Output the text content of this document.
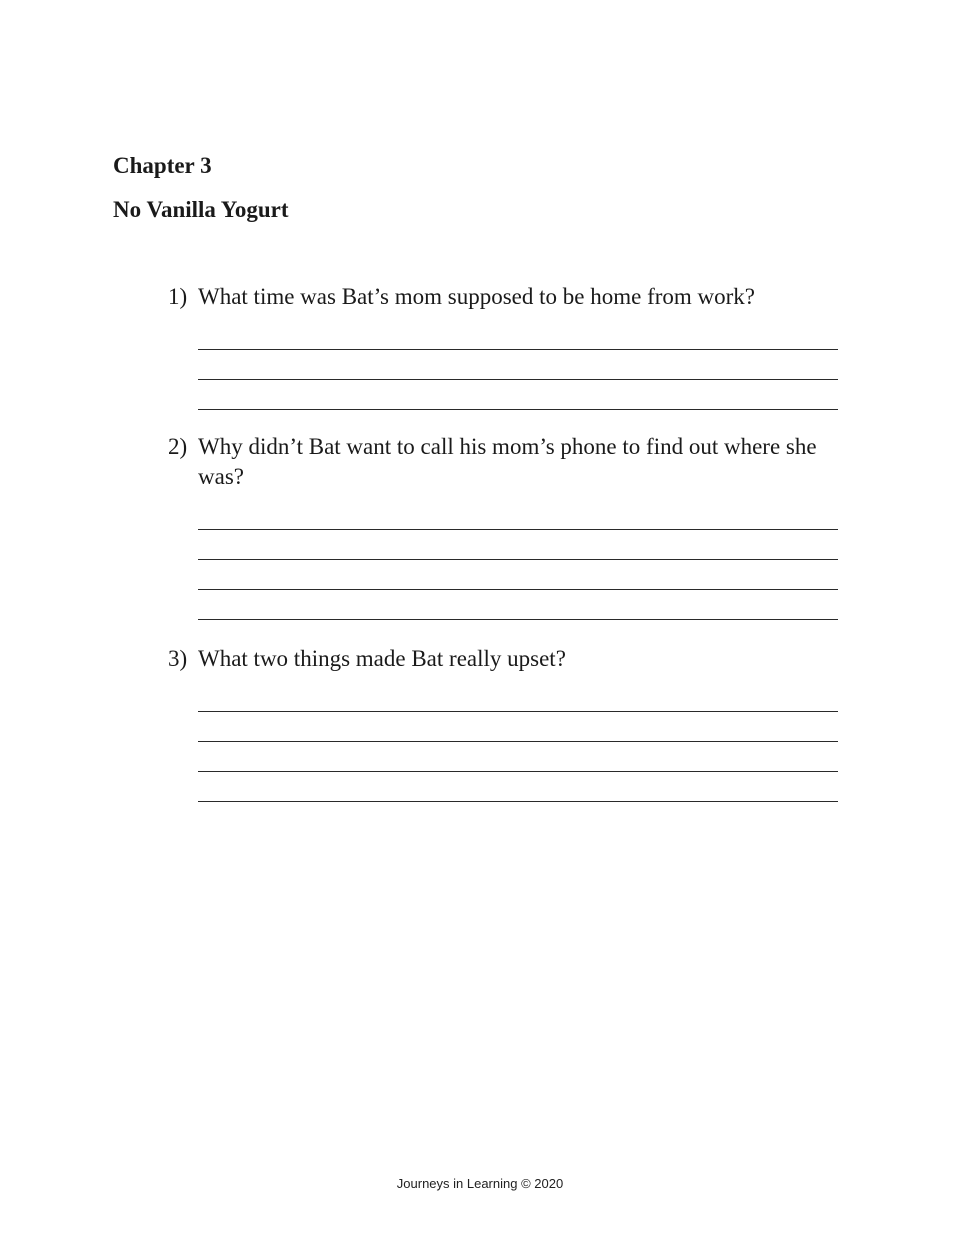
Chapter 3
No Vanilla Yogurt
1) What time was Bat’s mom supposed to be home from work?
2) Why didn’t Bat want to call his mom’s phone to find out where she was?
3) What two things made Bat really upset?
Journeys in Learning © 2020
